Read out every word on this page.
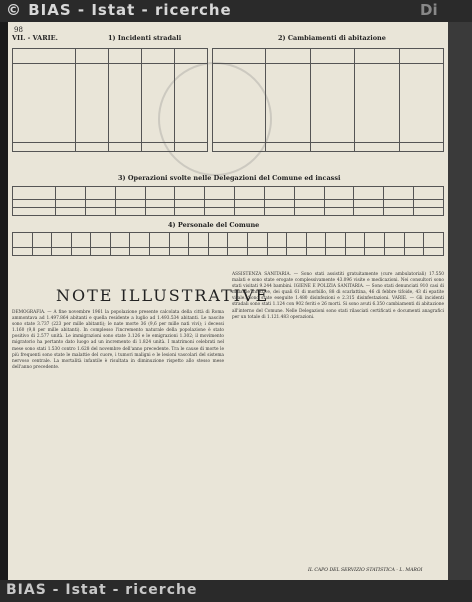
© BIAS - Istat - ricerche	Di
98
VII. - VARIE.	1) Incidenti stradali	2) Cambiamenti di abitazione

3) Operazioni svolte nelle Delegazioni del Comune ed incassi

4) Personale del Comune

NOTE ILLUSTRATIVE
DEMOGRAFIA. — A fine novembre 1961 la popolazione presente calcolata della città di Roma ammontava ad 1.497.864 abitanti e quella residente a luglio ad 1.493.534 abitanti. Le nascite sono state 3.737 (223 per mille abitanti); le nate morte 36 (9,6 per mille nati vivi); i decessi 1.160 (9,8 per mille abitanti). In complesso l'incremento naturale della popolazione è stato positivo di 2.577 unità. Le immigrazioni sono state 3.126 e le emigrazioni 1.302; il movimento migratorio ha pertanto dato luogo ad un incremento di 1.824 unità. I matrimoni celebrati nel mese sono stati 1.530 contro 1.628 del novembre dell'anno precedente. Tra le cause di morte le più frequenti sono state le malattie del cuore, i tumori maligni e le lesioni vascolari del sistema nervoso centrale. La mortalità infantile è risultata in diminuzione rispetto allo stesso mese dell'anno precedente.
ASSISTENZA SANITARIA. — Sono stati assistiti gratuitamente (cure ambulatoriali) 17.550 malati e sono state erogate complessivamente 43.096 visite e medicazioni. Nei consultori sono stati visitati 9.244 bambini. IGIENE E POLIZIA SANITARIA. — Sono stati denunciati 910 casi di malattie infettive, dei quali 61 di morbillo, 88 di scarlattina, 46 di febbre tifoide, 43 di epatite virale. Sono state eseguite 1.480 disinfezioni e 2.315 disinfestazioni. VARIE. — Gli incidenti stradali sono stati 1.124 con 902 feriti e 26 morti. Si sono avuti 6.350 cambiamenti di abitazione all'interno del Comune. Nelle Delegazioni sono stati rilasciati certificati e documenti anagrafici per un totale di 1.121.483 operazioni.
IL CAPO DEL SERVIZIO STATISTICA - L. MAROI
BIAS - Istat - ricerche
